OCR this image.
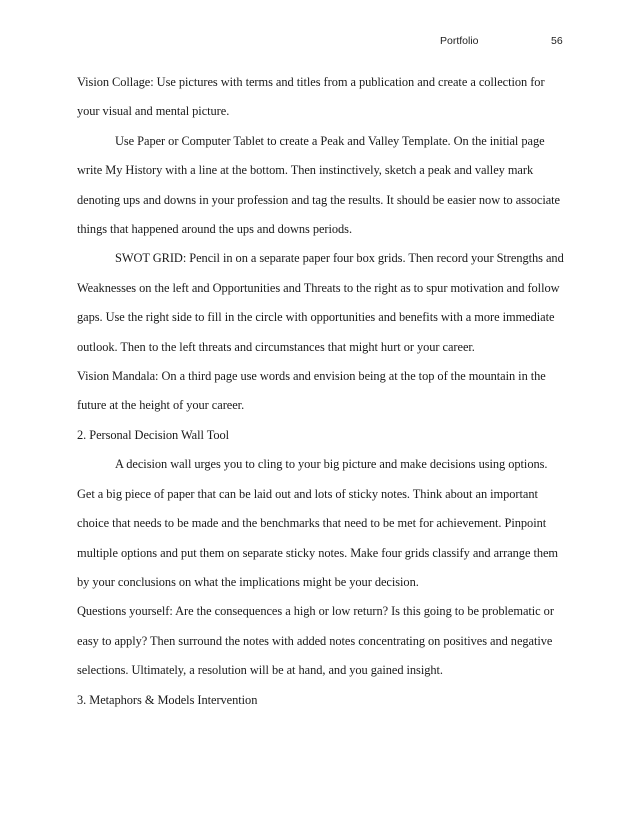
Portfolio	56

Vision Collage: Use pictures with terms and titles from a publication and create a collection for your visual and mental picture.

Use Paper or Computer Tablet to create a Peak and Valley Template. On the initial page write My History with a line at the bottom. Then instinctively, sketch a peak and valley mark denoting ups and downs in your profession and tag the results. It should be easier now to associate things that happened around the ups and downs periods.

SWOT GRID: Pencil in on a separate paper four box grids. Then record your Strengths and Weaknesses on the left and Opportunities and Threats to the right as to spur motivation and follow gaps. Use the right side to fill in the circle with opportunities and benefits with a more immediate outlook. Then to the left threats and circumstances that might hurt or your career.

Vision Mandala: On a third page use words and envision being at the top of the mountain in the future at the height of your career.

2. Personal Decision Wall Tool

A decision wall urges you to cling to your big picture and make decisions using options. Get a big piece of paper that can be laid out and lots of sticky notes. Think about an important choice that needs to be made and the benchmarks that need to be met for achievement. Pinpoint multiple options and put them on separate sticky notes. Make four grids classify and arrange them by your conclusions on what the implications might be your decision.

Questions yourself: Are the consequences a high or low return? Is this going to be problematic or easy to apply? Then surround the notes with added notes concentrating on positives and negative selections. Ultimately, a resolution will be at hand, and you gained insight.

3. Metaphors & Models Intervention
